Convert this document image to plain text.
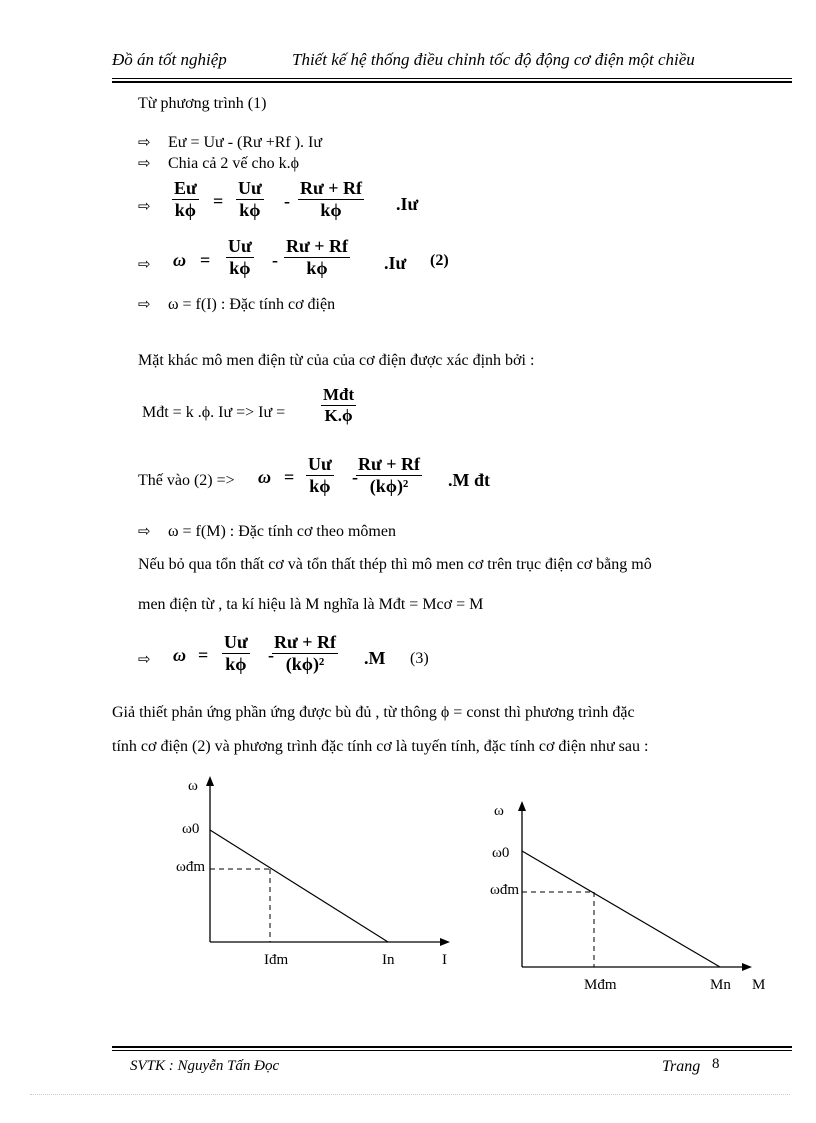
Đồ án tốt nghiệp	Thiết kế hệ thống điều chỉnh tốc độ động cơ điện một chiều
Từ phương trình (1)
⇨ Eư = Uư - (Rư +Rf ). Iư
⇨ Chia cả 2 vế cho k.ϕ
⇨
Eư
kϕ =
Uư
kϕ -
Rư + Rf
kϕ	.Iư
⇨ ω =
Uư
kϕ -
Rư + Rf
kϕ	.Iư (2)
⇨ ω = f(I) : Đặc tính cơ điện
Mặt khác mô men điện từ của của cơ điện được xác định bởi :
Mđt = k .ϕ. Iư => Iư =
Mđt
K.ϕ
Thế vào (2) => ω =
Uư
kϕ -
Rư + Rf
(kϕ)²	.M đt
⇨ ω = f(M) : Đặc tính cơ theo mômen
Nếu bỏ qua tổn thất cơ và tổn thất thép thì mô men cơ trên trục điện cơ bằng mô
men điện từ , ta kí hiệu là M nghĩa là Mđt = Mcơ = M
⇨ ω =
Uư
kϕ -
Rư + Rf
(kϕ)²	.M (3)
Giả thiết phản ứng phần ứng được bù đủ , từ thông ϕ = const thì phương trình đặc
tính cơ điện (2) và phương trình đặc tính cơ là tuyến tính, đặc tính cơ điện như sau :
ω
ω0
ωđm
Iđm	In	I
ω
ω0
ωđm
Mđm	Mn M
SVTK : Nguyễn Tấn Đọc	Trang 8
